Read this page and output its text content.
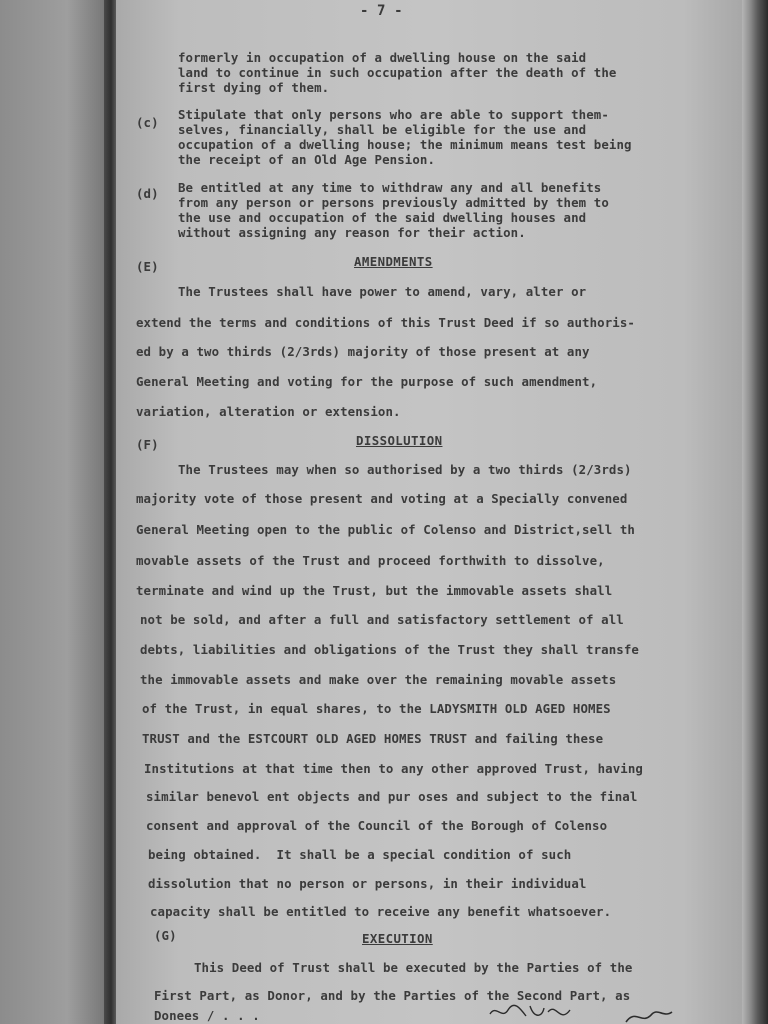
- 7 -
formerly in occupation of a dwelling house on the said
land to continue in such occupation after the death of the
first dying of them.
(c)
Stipulate that only persons who are able to support them-
selves, financially, shall be eligible for the use and
occupation of a dwelling house; the minimum means test being
the receipt of an Old Age Pension.
(d) Be entitled at any time to withdraw any and all benefits
from any person or persons previously admitted by them to
the use and occupation of the said dwelling houses and
without assigning any reason for their action.
(E)	AMENDMENTS
The Trustees shall have power to amend, vary, alter or
extend the terms and conditions of this Trust Deed if so authoris-
ed by a two thirds (2/3rds) majority of those present at any
General Meeting and voting for the purpose of such amendment,
variation, alteration or extension.
(F)	DISSOLUTION
The Trustees may when so authorised by a two thirds (2/3rds)
majority vote of those present and voting at a Specially convened
General Meeting open to the public of Colenso and District,sell th
movable assets of the Trust and proceed forthwith to dissolve,
terminate and wind up the Trust, but the immovable assets shall
not be sold, and after a full and satisfactory settlement of all
debts, liabilities and obligations of the Trust they shall transfe
the immovable assets and make over the remaining movable assets
of the Trust, in equal shares, to the LADYSMITH OLD AGED HOMES
TRUST and the ESTCOURT OLD AGED HOMES TRUST and failing these
Institutions at that time then to any other approved Trust, having
similar benevol ent objects and pur oses and subject to the final
consent and approval of the Council of the Borough of Colenso
being obtained.  It shall be a special condition of such
dissolution that no person or persons, in their individual
capacity shall be entitled to receive any benefit whatsoever.
(G)	EXECUTION
This Deed of Trust shall be executed by the Parties of the
First Part, as Donor, and by the Parties of the Second Part, as
Donees / . . .
